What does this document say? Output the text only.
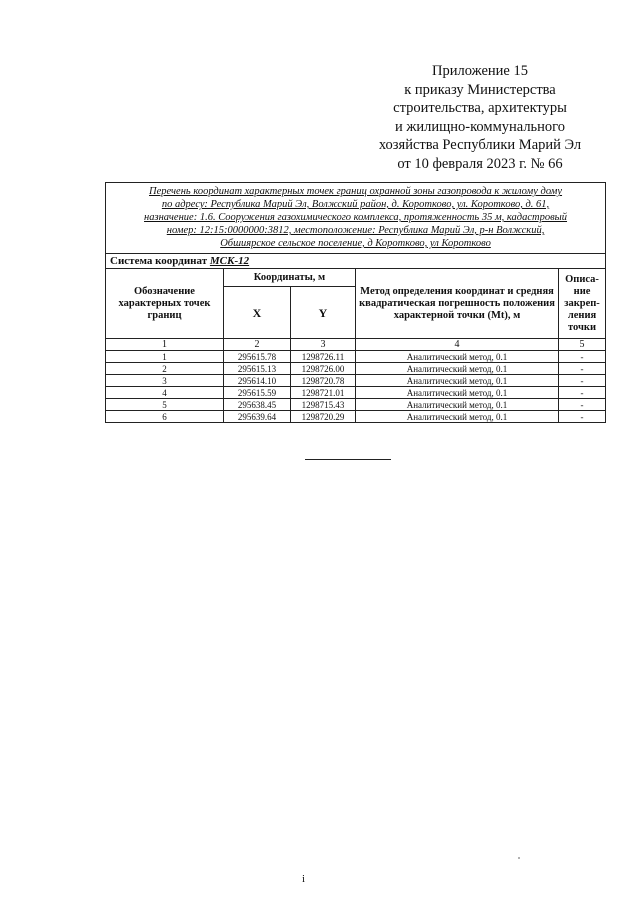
Приложение 15
к приказу Министерства
строительства, архитектуры
и жилищно-коммунального
хозяйства Республики Марий Эл
от 10 февраля 2023 г. № 66
Перечень координат характерных точек границ охранной зоны газопровода к жилому дому
по адресу: Республика Марий Эл, Волжский район, д. Коротково, ул. Коротково, д. 61,
назначение: 1.6. Сооружения газохимического комплекса, протяженность 35 м, кадастровый
номер: 12:15:0000000:3812, местоположение: Республика Марий Эл, р-н Волжский,
Обшиярское сельское поселение, д Коротково, ул Коротково				

Система координат МСК-12				
Обозначение характерных точек границ	Координаты, м		Метод определения координат и средняя квадратическая погрешность положения характерной точки (Mt), м	Описа-ние закреп-ления точки
	X	Y		
1	2	3	4	5
1	295615.78	1298726.11	Аналитический метод, 0.1	-
2	295615.13	1298726.00	Аналитический метод, 0.1	-
3	295614.10	1298720.78	Аналитический метод, 0.1	-
4	295615.59	1298721.01	Аналитический метод, 0.1	-
5	295638.45	1298715.43	Аналитический метод, 0.1	-
6	295639.64	1298720.29	Аналитический метод, 0.1	-
i
